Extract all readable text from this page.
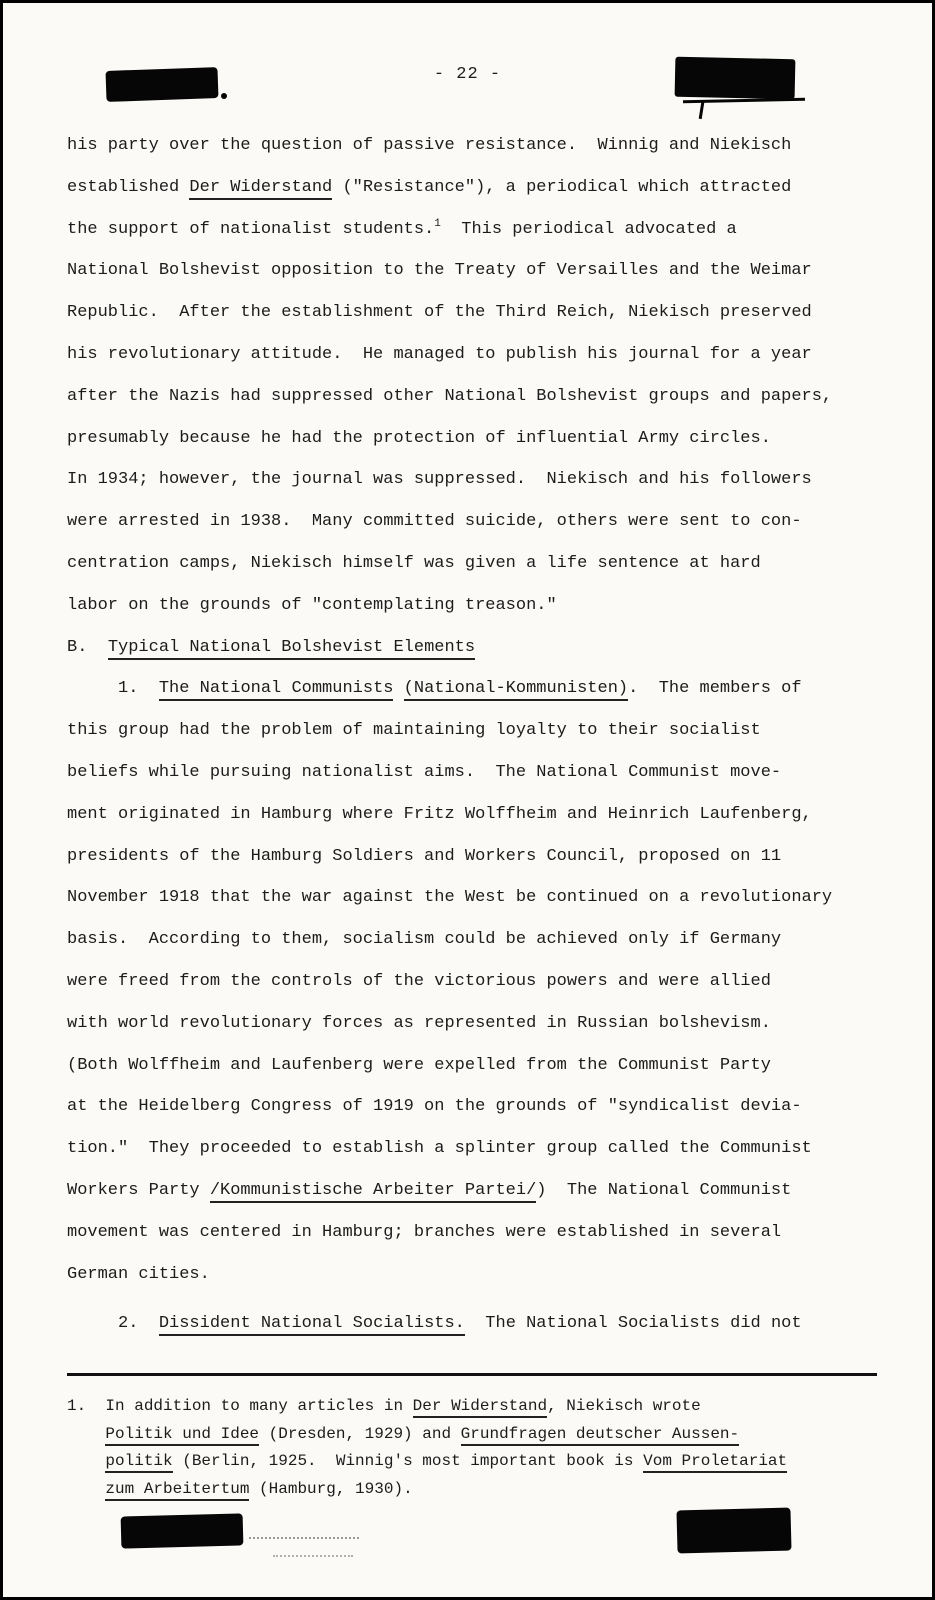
- 22 -
his party over the question of passive resistance.  Winnig and Niekisch
established Der Widerstand ("Resistance"), a periodical which attracted
the support of nationalist students.$^1$  This periodical advocated a
National Bolshevist opposition to the Treaty of Versailles and the Weimar
Republic.  After the establishment of the Third Reich, Niekisch preserved
his revolutionary attitude.  He managed to publish his journal for a year
after the Nazis had suppressed other National Bolshevist groups and papers,
presumably because he had the protection of influential Army circles.
In 1934; however, the journal was suppressed.  Niekisch and his followers
were arrested in 1938.  Many committed suicide, others were sent to con-
centration camps, Niekisch himself was given a life sentence at hard
labor on the grounds of "contemplating treason."
B.  Typical National Bolshevist Elements
1.  The National Communists (National-Kommunisten).  The members of
this group had the problem of maintaining loyalty to their socialist
beliefs while pursuing nationalist aims.  The National Communist move-
ment originated in Hamburg where Fritz Wolffheim and Heinrich Laufenberg,
presidents of the Hamburg Soldiers and Workers Council, proposed on 11
November 1918 that the war against the West be continued on a revolutionary
basis.  According to them, socialism could be achieved only if Germany
were freed from the controls of the victorious powers and were allied
with world revolutionary forces as represented in Russian bolshevism.
(Both Wolffheim and Laufenberg were expelled from the Communist Party
at the Heidelberg Congress of 1919 on the grounds of "syndicalist devia-
tion."  They proceeded to establish a splinter group called the Communist
Workers Party /Kommunistische Arbeiter Partei/)  The National Communist
movement was centered in Hamburg; branches were established in several
German cities.
2.  Dissident National Socialists.  The National Socialists did not
1.  In addition to many articles in Der Widerstand, Niekisch wrote
Politik und Idee (Dresden, 1929) and Grundfragen deutscher Aussen-
politik (Berlin, 1925.  Winnig's most important book is Vom Proletariat
zum Arbeitertum (Hamburg, 1930).
